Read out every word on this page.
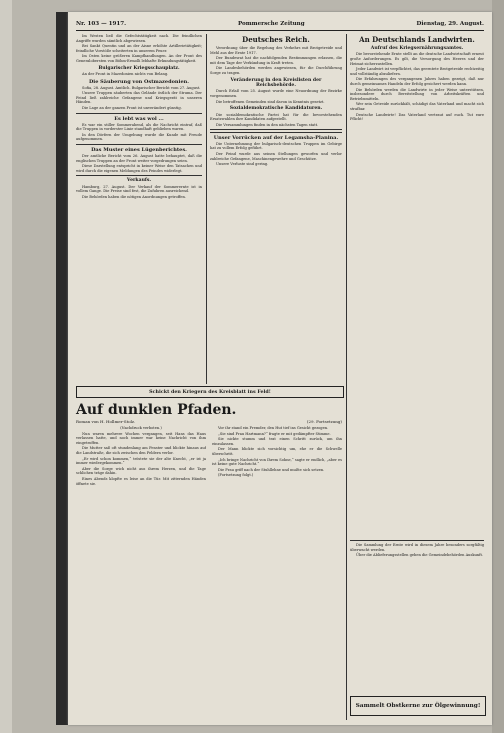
Nr. 103 — 1917.	Pommersche Zeitung	Dienstag, 29. August.

Im Westen ließ die Gefechtstätigkeit nach. Die feindlichen Angriffe wurden sämtlich abgewiesen.

Bei Sankt Quentin und an der Aisne erhöhte Artillerietätigkeit; feindliche Vorstöße scheiterten in unserem Feuer.

Im Osten keine größeren Kampfhandlungen. An der Front des Generalobersten von Böhm-Ermolli lebhafte Erkundungstätigkeit.

Bulgarischer Kriegsschauplatz.

An der Front in Mazedonien nichts von Belang.

Die Säuberung von Ostmazedonien.

Sofia, 28. August. Amtlich. Bulgarischer Bericht vom 27. August.

Unsere Truppen säuberten das Gelände östlich der Struma. Der Feind ließ zahlreiche Gefangene und Kriegsgerät in unseren Händen.

Die Lage an der ganzen Front ist unverändert günstig.

Es lebt was wol ...

Es war ein stiller Sommerabend, als die Nachricht eintraf, daß die Truppen in vorderster Linie standhaft geblieben waren.

In den Dörfern der Umgebung wurde die Kunde mit Freude aufgenommen.

Das Muster eines Lügenberichtes.

Der amtliche Bericht vom 26. August hatte behauptet, daß die englischen Truppen an der Front weiter vorgedrungen seien.

Diese Darstellung entspricht in keiner Weise den Tatsachen und wird durch die eigenen Meldungen des Feindes widerlegt.

Verkaufs.

Hamburg, 27. August. Der Verkauf der Sommerernte ist in vollem Gange. Die Preise sind fest, die Zufuhren ausreichend.

Die Behörden haben die nötigen Anordnungen getroffen.

Deutsches Reich.

Verordnung über die Regelung des Verkehrs mit Brotgetreide und Mehl aus der Ernte 1917.

Der Bundesrat hat die nachfolgenden Bestimmungen erlassen, die mit dem Tage der Verkündung in Kraft treten.

Die Landesbehörden werden angewiesen, für die Durchführung Sorge zu tragen.

Veränderung in den Kreislisten der Reichsbehörde.

Durch Erlaß vom 25. August wurde eine Neuordnung der Bezirke vorgenommen.

Die betroffenen Gemeinden sind davon in Kenntnis gesetzt.

Sozialdemokratische Kandidaturen.

Die sozialdemokratische Partei hat für die bevorstehenden Ersatzwahlen ihre Kandidaten aufgestellt.

Die Versammlungen finden in den nächsten Tagen statt.

Unser Vorrücken auf der Legamsha-Planina.

Die Unternehmung der bulgarisch-deutschen Truppen im Gebirge hat zu vollem Erfolg geführt.

Der Feind wurde aus seinen Stellungen geworfen und verlor zahlreiche Gefangene, Maschinengewehre und Geschütze.

Unsere Verluste sind gering.

An Deutschlands Landwirten.
Aufruf des Kriegsernährungsamtes.

Die bevorstehende Ernte stellt an die deutsche Landwirtschaft erneut große Anforderungen. Es gilt, die Versorgung des Heeres und der Heimat sicherzustellen.

Jeder Landwirt ist verpflichtet, das geerntete Brotgetreide rechtzeitig und vollständig abzuliefern.

Die Erfahrungen des vergangenen Jahres haben gezeigt, daß nur durch gemeinsames Handeln der Erfolg gesichert werden kann.

Die Behörden werden die Landwirte in jeder Weise unterstützen, insbesondere durch Bereitstellung von Arbeitskräften und Betriebsmitteln.

Wer sein Getreide zurückhält, schädigt das Vaterland und macht sich strafbar.

Deutsche Landwirte! Das Vaterland vertraut auf euch. Tut eure Pflicht!

Schickt den Kriegern des Kreisblatt ins Feld!
Auf dunklen Pfaden.
Roman von H. Hollmer-Stolz.	(29. Fortsetzung)

(Nachdruck verboten.)

Nun waren mehrere Wochen vergangen, seit Hans das Haus verlassen hatte, und noch immer war keine Nachricht von ihm eingetroffen.

Die Mutter saß oft stundenlang am Fenster und blickte hinaus auf die Landstraße, die sich zwischen den Feldern verlor.

„Er wird schon kommen,“ tröstete sie der alte Knecht, „er ist ja immer wiedergekommen.“

Aber die Sorge wich nicht aus ihrem Herzen, und die Tage schlichen träge dahin.

Eines Abends klopfte es leise an die Tür. Mit zitternden Händen öffnete sie.

Vor ihr stand ein Fremder, den Hut tief ins Gesicht gezogen.

„Sie sind Frau Hartmann?“ fragte er mit gedämpfter Stimme.

Sie nickte stumm und trat einen Schritt zurück, um ihn einzulassen.

Der Mann blickte sich vorsichtig um, ehe er die Schwelle überschritt.

„Ich bringe Nachricht von Ihrem Sohne,“ sagte er endlich, „aber es ist keine gute Nachricht.“

Die Frau griff nach der Stuhllehne und mußte sich setzen.

(Fortsetzung folgt.)

Die Sammlung der Ernte wird in diesem Jahre besonders sorgfältig überwacht werden.

Über die Ablieferungsstellen geben die Gemeindebehörden Auskunft.

Sammelt Obstkerne zur Ölgewinnung!
